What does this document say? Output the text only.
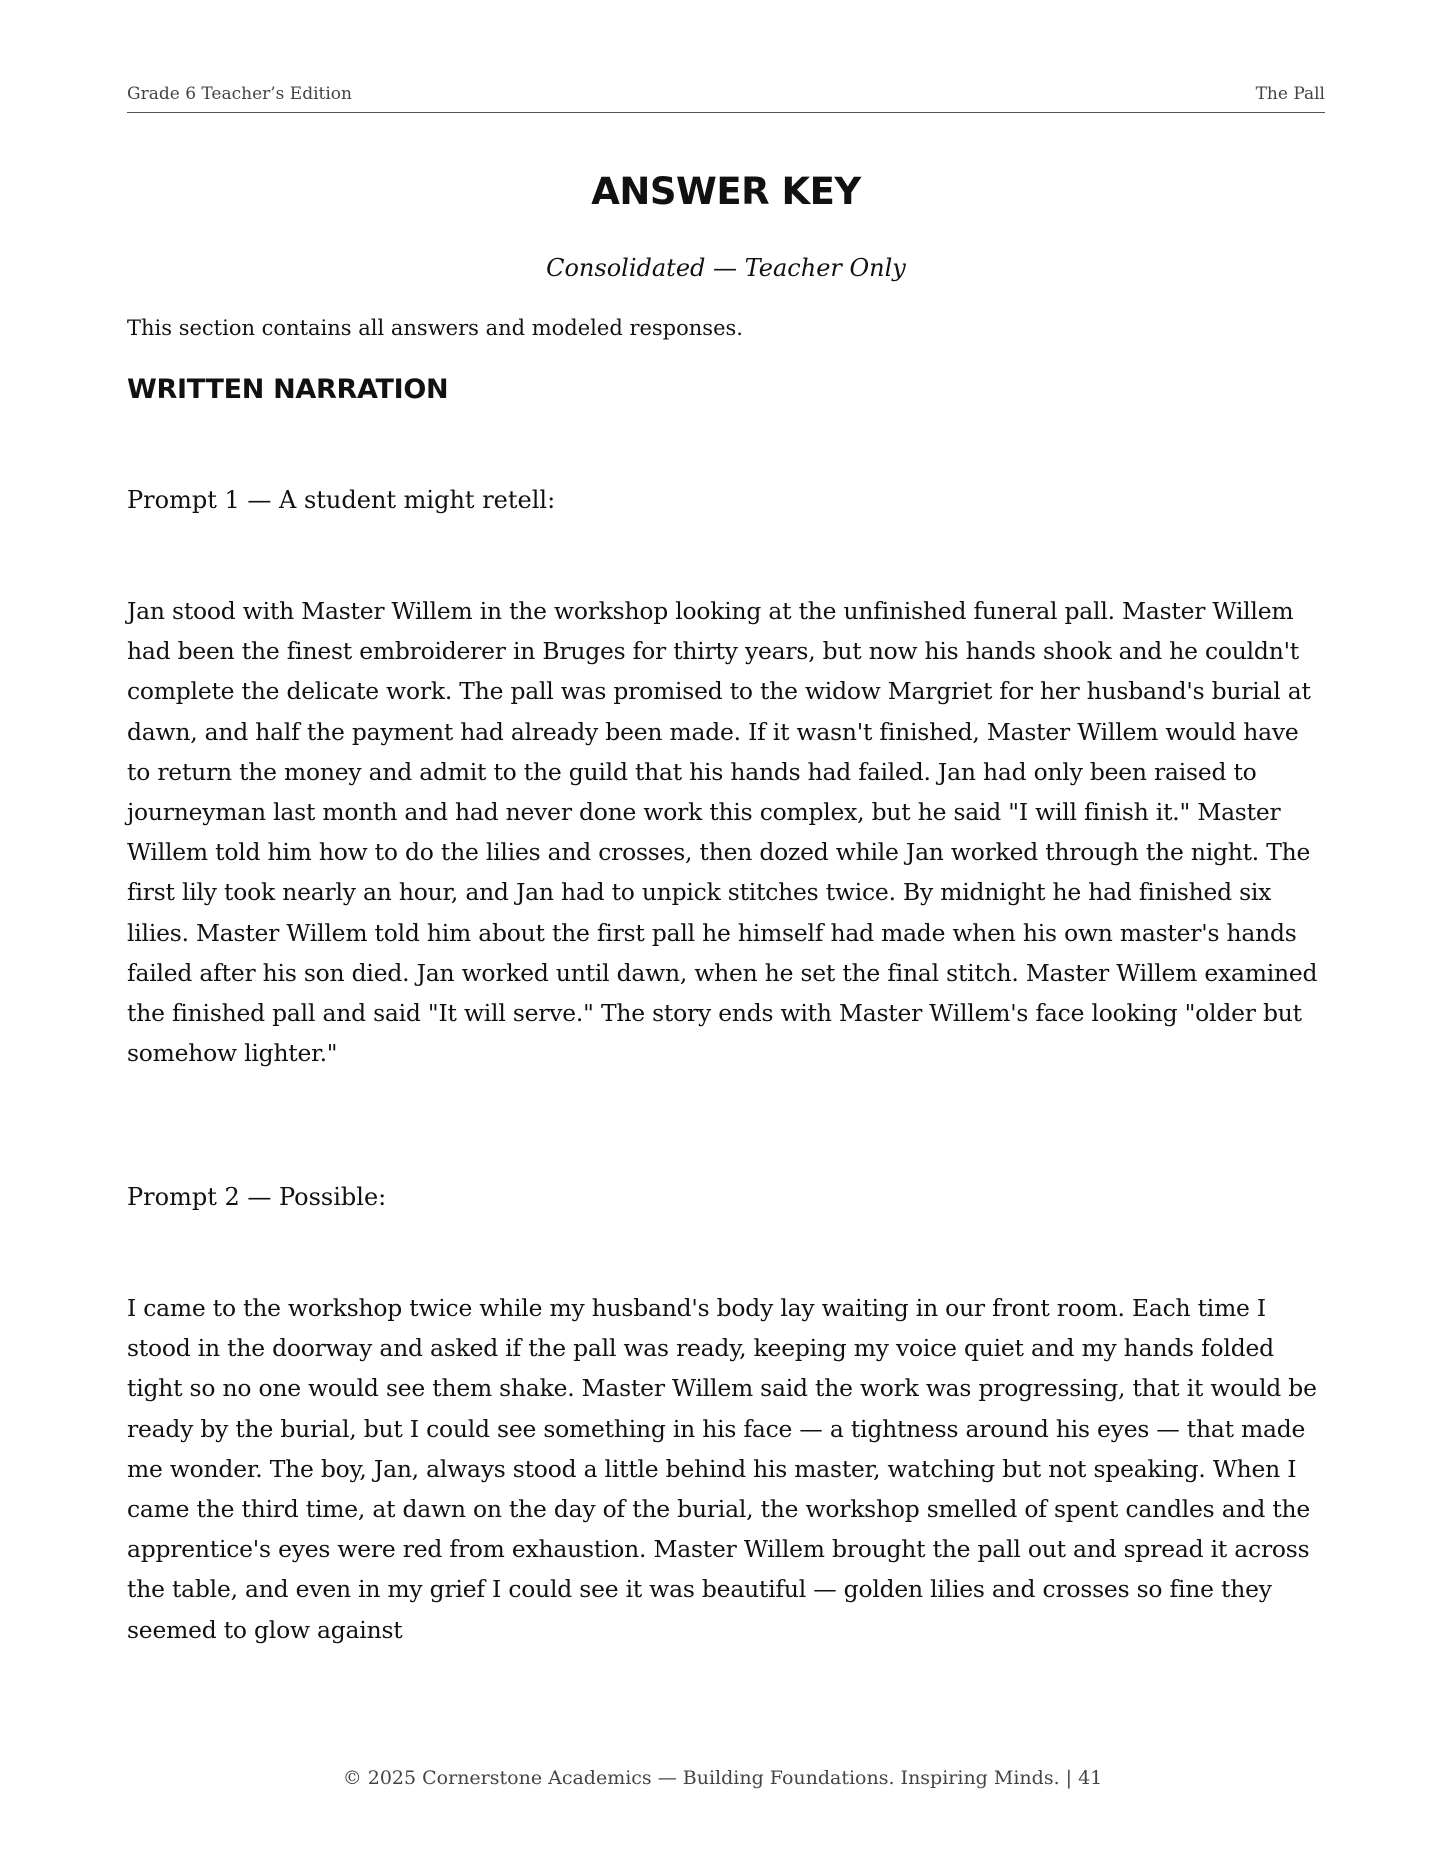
Grade 6 Teacher’s Edition	The Pall
ANSWER KEY

Consolidated — Teacher Only

This section contains all answers and modeled responses.

WRITTEN NARRATION

Prompt 1 — A student might retell:

Jan stood with Master Willem in the workshop looking at the unfinished funeral pall. Master Willem had been the finest embroiderer in Bruges for thirty years, but now his hands shook and he couldn't complete the delicate work. The pall was promised to the widow Margriet for her husband's burial at dawn, and half the payment had already been made. If it wasn't finished, Master Willem would have to return the money and admit to the guild that his hands had failed. Jan had only been raised to journeyman last month and had never done work this complex, but he said "I will finish it." Master Willem told him how to do the lilies and crosses, then dozed while Jan worked through the night. The first lily took nearly an hour, and Jan had to unpick stitches twice. By midnight he had finished six lilies. Master Willem told him about the first pall he himself had made when his own master's hands failed after his son died. Jan worked until dawn, when he set the final stitch. Master Willem examined the finished pall and said "It will serve." The story ends with Master Willem's face looking "older but somehow lighter."

Prompt 2 — Possible:

I came to the workshop twice while my husband's body lay waiting in our front room. Each time I stood in the doorway and asked if the pall was ready, keeping my voice quiet and my hands folded tight so no one would see them shake. Master Willem said the work was progressing, that it would be ready by the burial, but I could see something in his face — a tightness around his eyes — that made me wonder. The boy, Jan, always stood a little behind his master, watching but not speaking. When I came the third time, at dawn on the day of the burial, the workshop smelled of spent candles and the apprentice's eyes were red from exhaustion. Master Willem brought the pall out and spread it across the table, and even in my grief I could see it was beautiful — golden lilies and crosses so fine they seemed to glow against

© 2025 Cornerstone Academics — Building Foundations. Inspiring Minds. | 41
